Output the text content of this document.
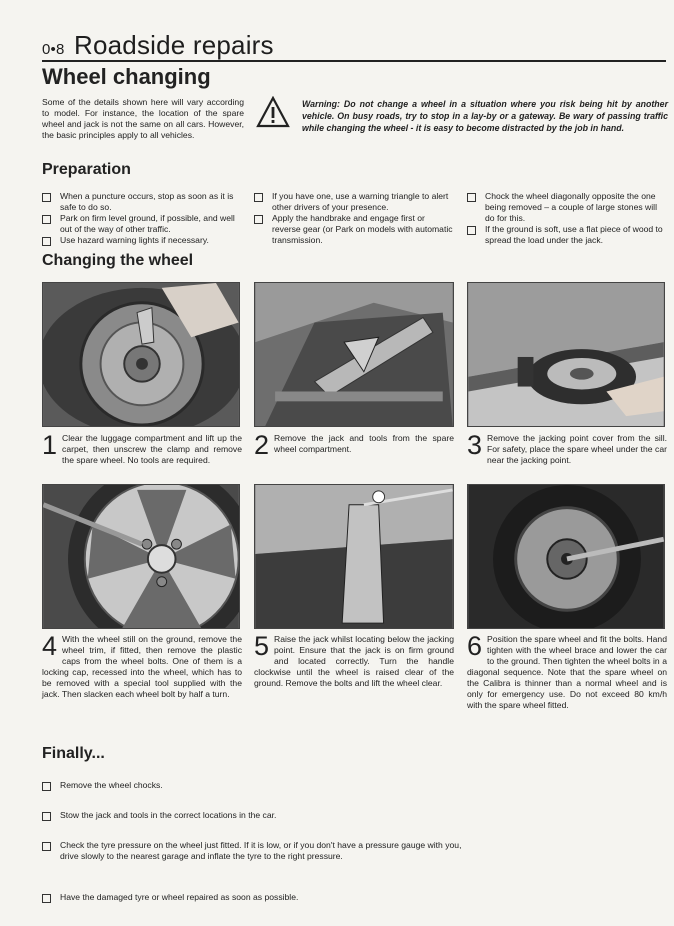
0•8 Roadside repairs
Wheel changing
Some of the details shown here will vary according to model. For instance, the location of the spare wheel and jack is not the same on all cars. However, the basic principles apply to all vehicles.
Warning: Do not change a wheel in a situation where you risk being hit by another vehicle. On busy roads, try to stop in a lay-by or a gateway. Be wary of passing traffic while changing the wheel - it is easy to become distracted by the job in hand.
Preparation
When a puncture occurs, stop as soon as it is safe to do so.
Park on firm level ground, if possible, and well out of the way of other traffic.
Use hazard warning lights if necessary.
If you have one, use a warning triangle to alert other drivers of your presence.
Apply the handbrake and engage first or reverse gear (or Park on models with automatic transmission.
Chock the wheel diagonally opposite the one being removed – a couple of large stones will do for this.
If the ground is soft, use a flat piece of wood to spread the load under the jack.
Changing the wheel
1 Clear the luggage compartment and lift up the carpet, then unscrew the clamp and remove the spare wheel. No tools are required.	2 Remove the jack and tools from the spare wheel compartment.	3 Remove the jacking point cover from the sill. For safety, place the spare wheel under the car near the jacking point.
4 With the wheel still on the ground, remove the wheel trim, if fitted, then remove the plastic caps from the wheel bolts. One of them is a locking cap, recessed into the wheel, which has to be removed with a special tool supplied with the jack. Then slacken each wheel bolt by half a turn.
5 Raise the jack whilst locating below the jacking point. Ensure that the jack is on firm ground and located correctly. Turn the handle clockwise until the wheel is raised clear of the ground. Remove the bolts and lift the wheel clear.
6 Position the spare wheel and fit the bolts. Hand tighten with the wheel brace and lower the car to the ground. Then tighten the wheel bolts in a diagonal sequence. Note that the spare wheel on the Calibra is thinner than a normal wheel and is only for emergency use. Do not exceed 80 km/h with the spare wheel fitted.
Finally...
Remove the wheel chocks.
Stow the jack and tools in the correct locations in the car.
Check the tyre pressure on the wheel just fitted. If it is low, or if you don't have a pressure gauge with you, drive slowly to the nearest garage and inflate the tyre to the right pressure.
Have the damaged tyre or wheel repaired as soon as possible.
